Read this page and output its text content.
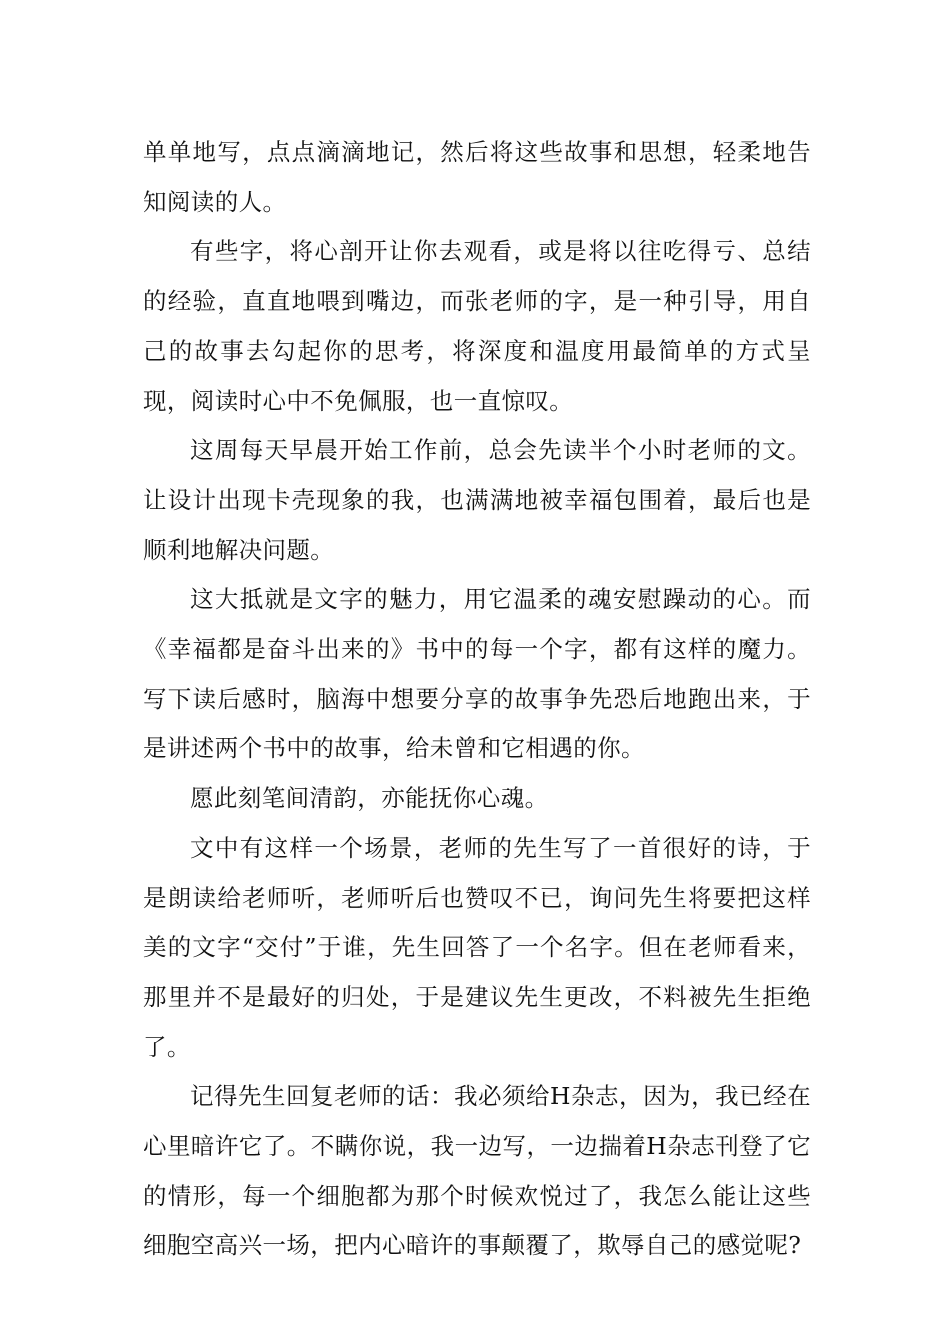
单单地写，点点滴滴地记，然后将这些故事和思想，轻柔地告知阅读的人。

有些字，将心剖开让你去观看，或是将以往吃得亏、总结的经验，直直地喂到嘴边，而张老师的字，是一种引导，用自己的故事去勾起你的思考，将深度和温度用最简单的方式呈现，阅读时心中不免佩服，也一直惊叹。

这周每天早晨开始工作前，总会先读半个小时老师的文。让设计出现卡壳现象的我，也满满地被幸福包围着，最后也是顺利地解决问题。

这大抵就是文字的魅力，用它温柔的魂安慰躁动的心。而《幸福都是奋斗出来的》书中的每一个字，都有这样的魔力。写下读后感时，脑海中想要分享的故事争先恐后地跑出来，于是讲述两个书中的故事，给未曾和它相遇的你。

愿此刻笔间清韵，亦能抚你心魂。

文中有这样一个场景，老师的先生写了一首很好的诗，于是朗读给老师听，老师听后也赞叹不已，询问先生将要把这样美的文字“交付”于谁，先生回答了一个名字。但在老师看来，那里并不是最好的归处，于是建议先生更改，不料被先生拒绝了。

记得先生回复老师的话：我必须给H杂志，因为，我已经在心里暗许它了。不瞒你说，我一边写，一边揣着H杂志刊登了它的情形，每一个细胞都为那个时候欢悦过了，我怎么能让这些细胞空高兴一场，把内心暗许的事颠覆了，欺辱自己的感觉呢?
